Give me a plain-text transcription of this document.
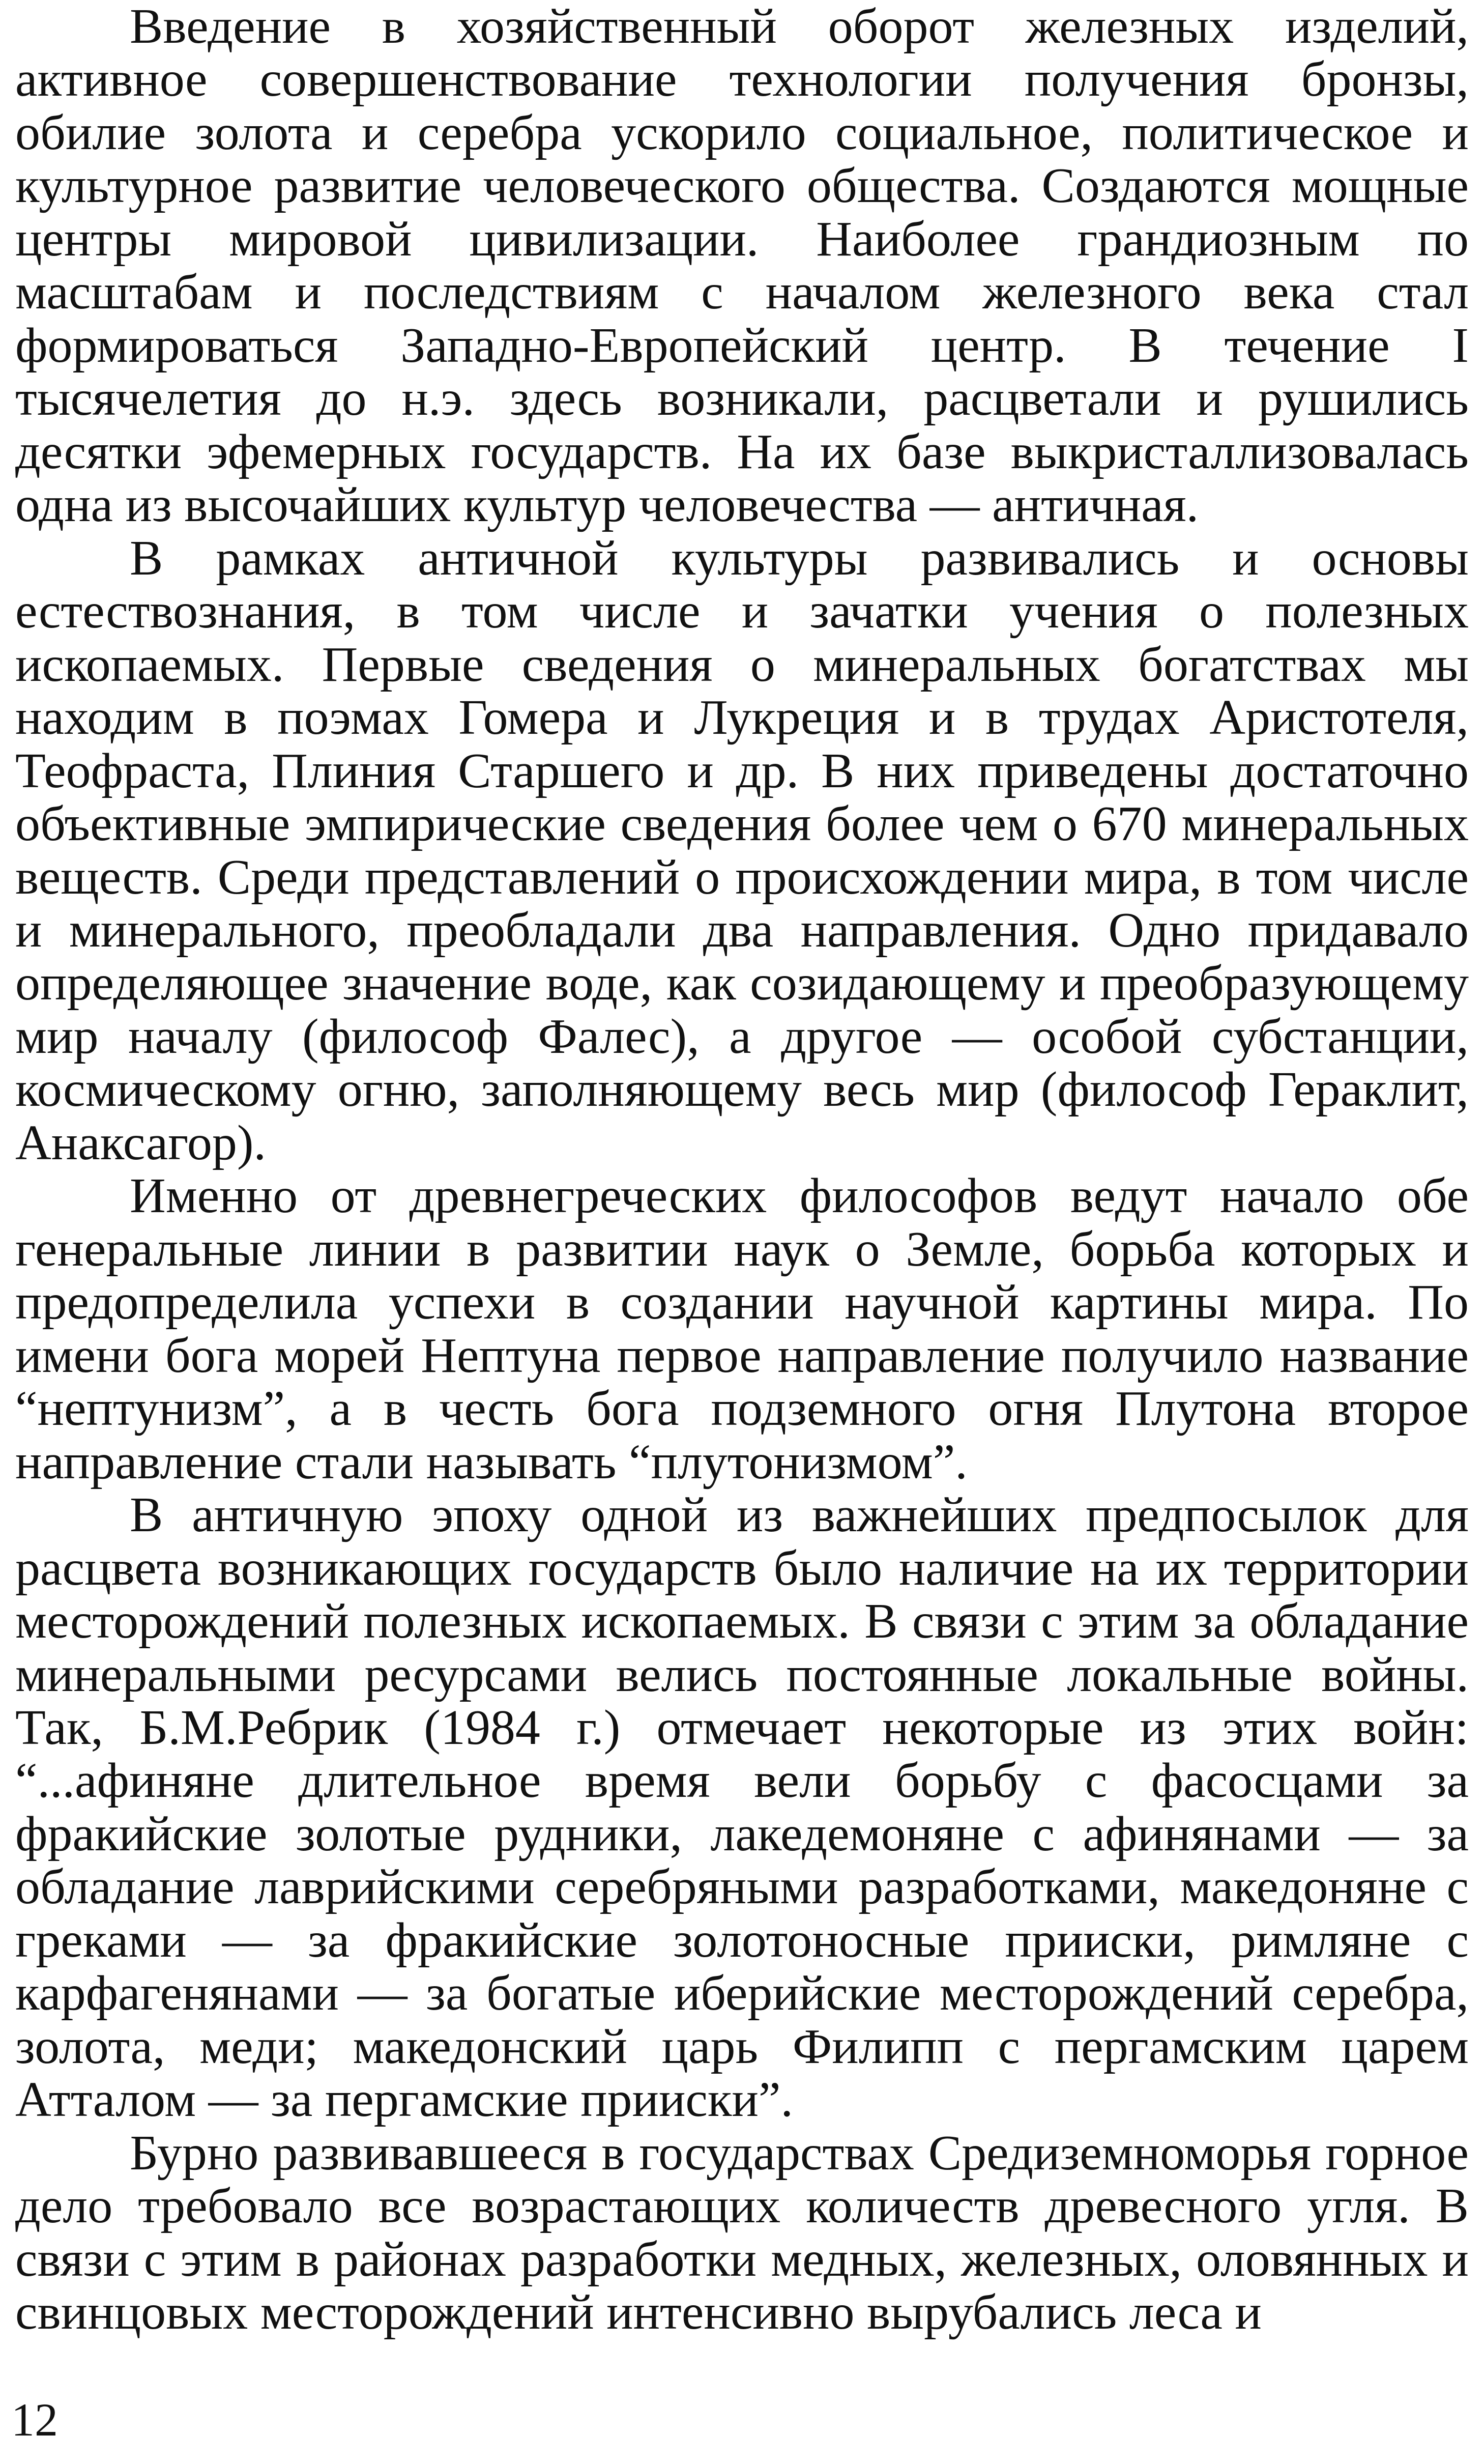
Введение в хозяйственный оборот железных изделий, активное совершенствование технологии получения бронзы, обилие золота и серебра ускорило социальное, политическое и культурное развитие человеческого общества. Создаются мощные центры мировой цивилизации. Наиболее грандиозным по масштабам и последствиям с началом железного века стал формироваться Западно-Европейский центр. В течение I тысячелетия до н.э. здесь возникали, расцветали и рушились десятки эфемерных государств. На их базе выкристаллизовалась одна из высочайших культур человечества — античная.

В рамках античной культуры развивались и основы естествознания, в том числе и зачатки учения о полезных ископаемых. Первые сведения о минеральных богатствах мы находим в поэмах Гомера и Лукреция и в трудах Аристотеля, Теофраста, Плиния Старшего и др. В них приведены достаточно объективные эмпирические сведения более чем о 670 минеральных веществ. Среди представлений о происхождении мира, в том числе и минерального, преобладали два направления. Одно придавало определяющее значение воде, как созидающему и преобразующему мир началу (философ Фалес), а другое — особой субстанции, космическому огню, заполняющему весь мир (философ Гераклит, Анаксагор).

Именно от древнегреческих философов ведут начало обе генеральные линии в развитии наук о Земле, борьба которых и предопределила успехи в создании научной картины мира. По имени бога морей Нептуна первое направление получило название “нептунизм”, а в честь бога подземного огня Плутона второе направление стали называть “плутонизмом”.

В античную эпоху одной из важнейших предпосылок для расцвета возникающих государств было наличие на их территории месторождений полезных ископаемых. В связи с этим за обладание минеральными ресурсами велись постоянные локальные войны. Так, Б.М.Ребрик (1984 г.) отмечает некоторые из этих войн: “...афиняне длительное время вели борьбу с фасосцами за фракийские золотые рудники, лакедемоняне с афинянами — за обладание лаврийскими серебряными разработками, македоняне с греками — за фракийские золотоносные прииски, римляне с карфагенянами — за богатые иберийские месторождений серебра, золота, меди; македонский царь Филипп с пергамским царем Атталом — за пергамские прииски”.

Бурно развивавшееся в государствах Средиземноморья горное дело требовало все возрастающих количеств древесного угля. В связи с этим в районах разработки медных, железных, оловянных и свинцовых месторождений интенсивно вырубались леса и

12
